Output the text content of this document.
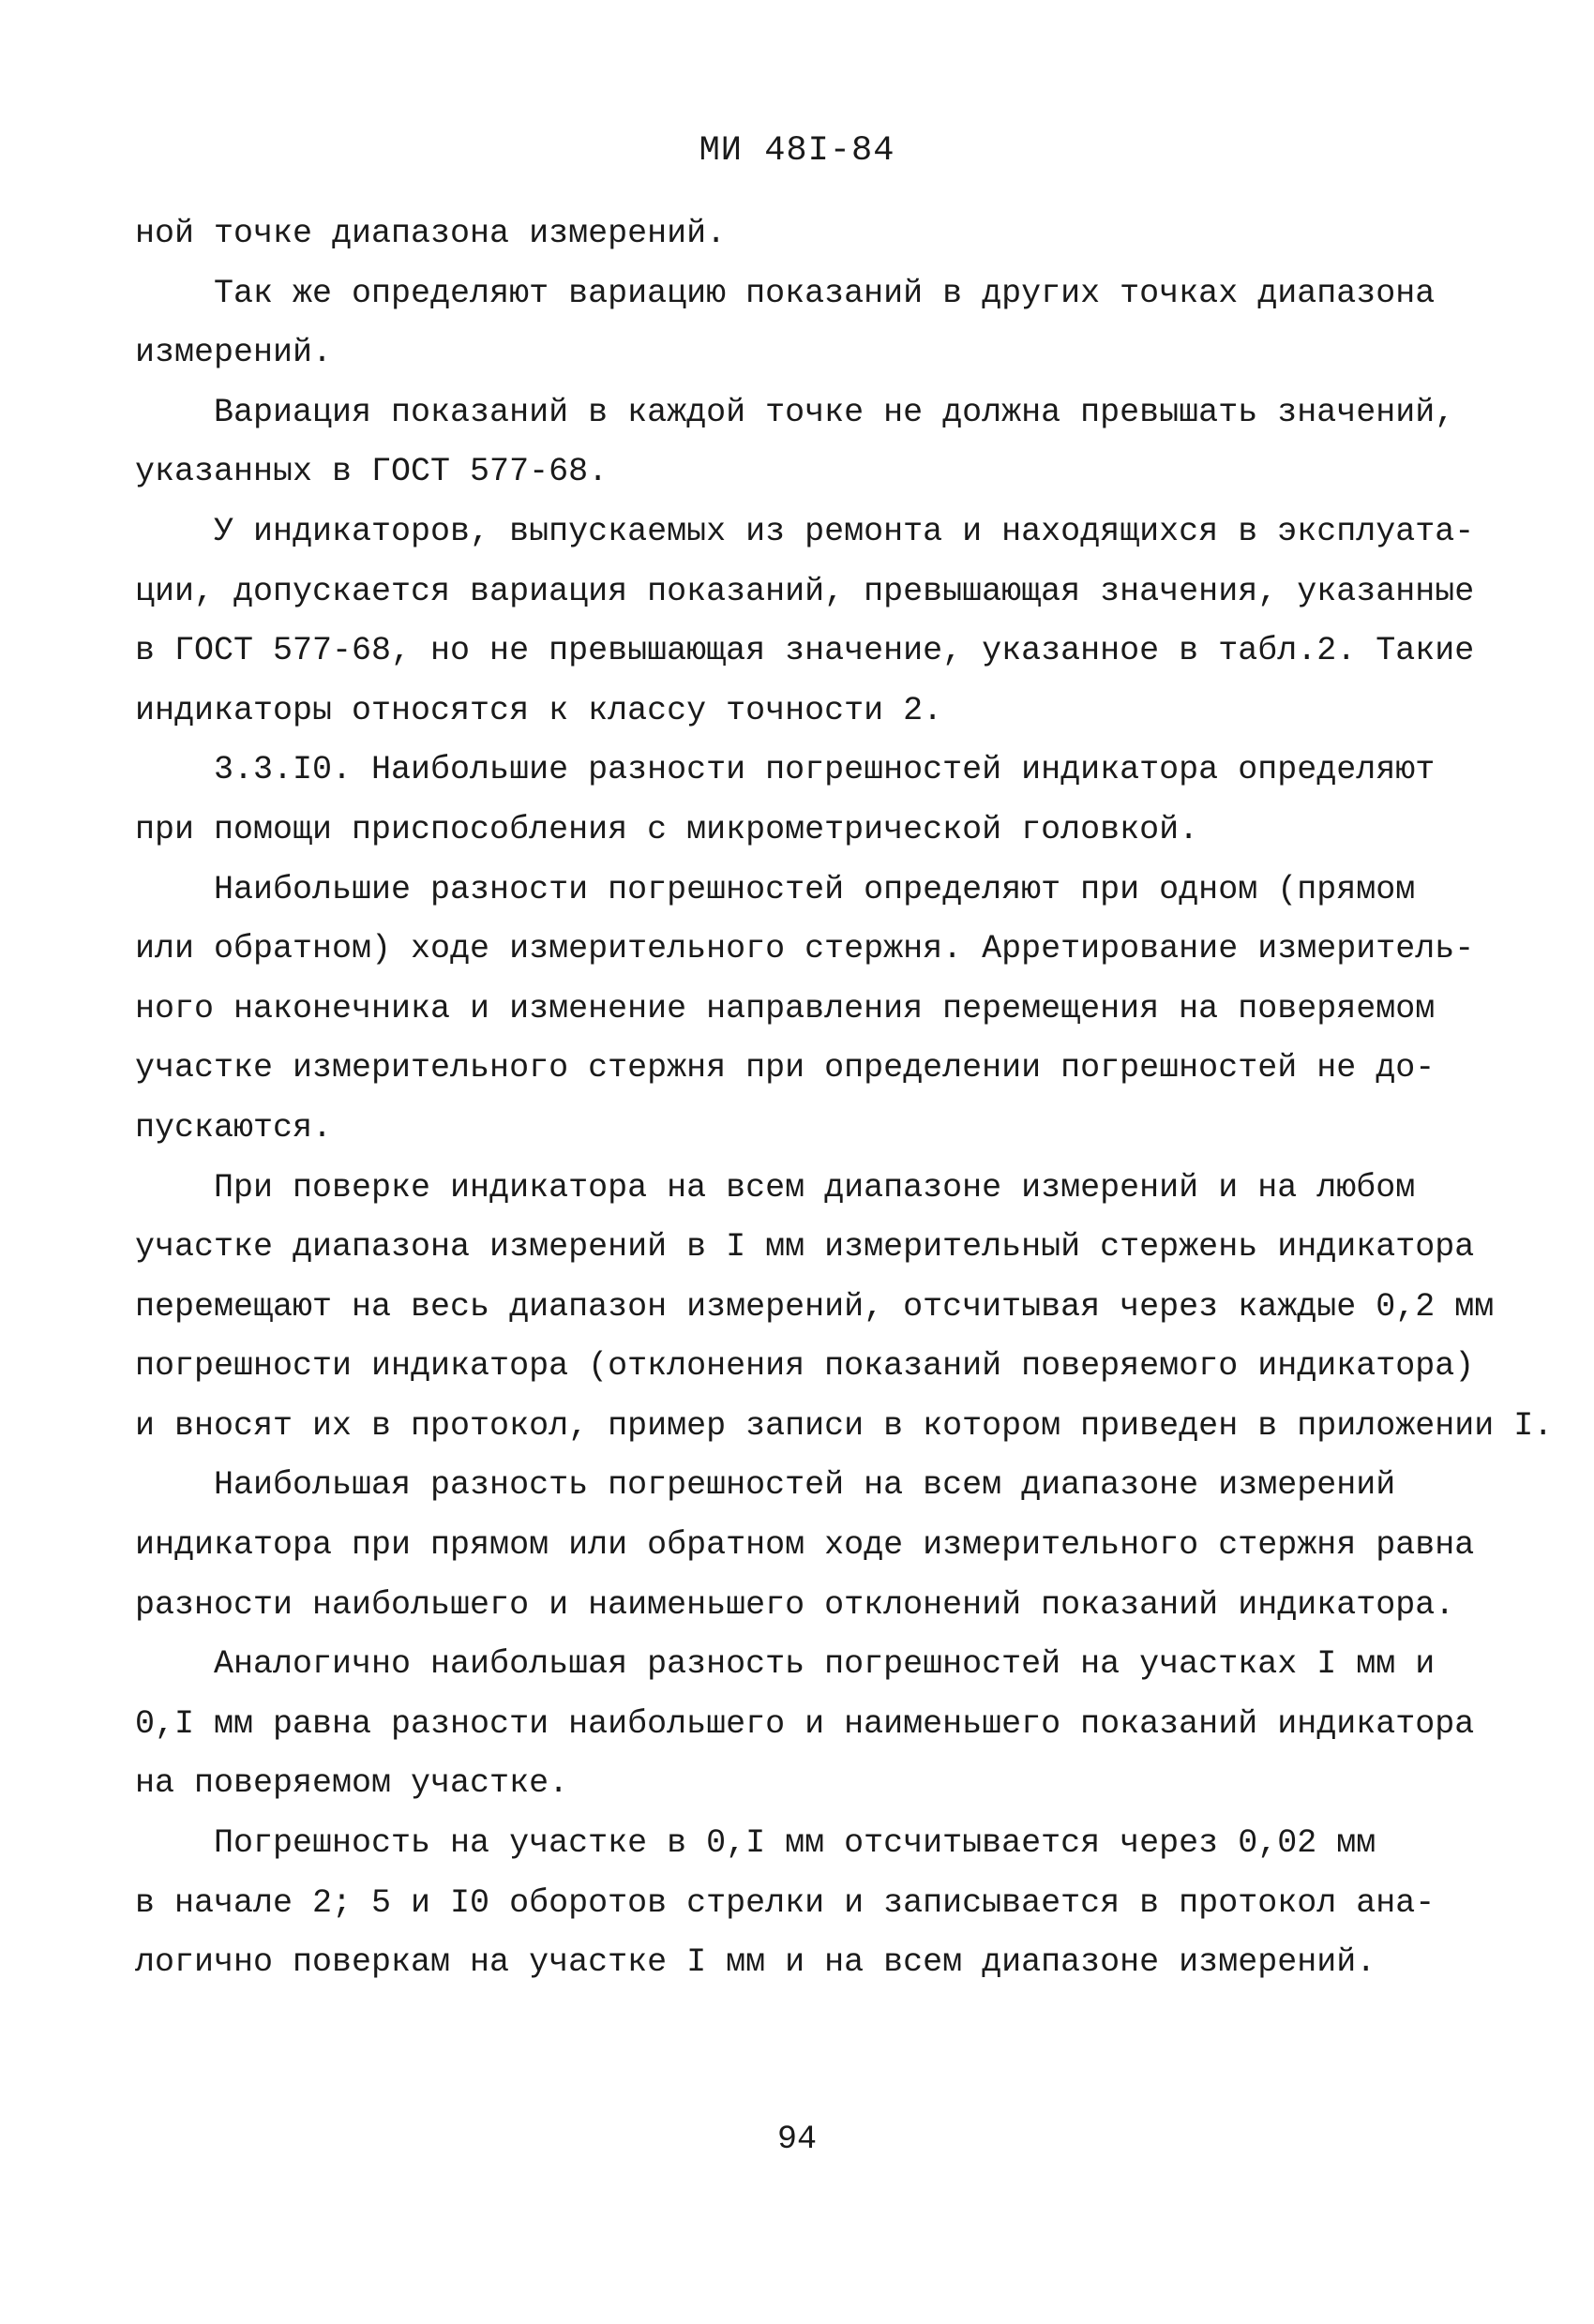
МИ 48I-84
ной точке диапазона измерений.
Так же определяют вариацию показаний в других точках диапазона
измерений.
Вариация показаний в каждой точке не должна превышать значений,
указанных в ГОСТ 577-68.
У индикаторов, выпускаемых из ремонта и находящихся в эксплуата-
ции, допускается вариация показаний, превышающая значения, указанные
в ГОСТ 577-68, но не превышающая значение, указанное в табл.2. Такие
индикаторы относятся к классу точности 2.
3.3.I0. Наибольшие разности погрешностей индикатора определяют
при помощи приспособления с микрометрической головкой.
Наибольшие разности погрешностей определяют при одном (прямом
или обратном) ходе измерительного стержня. Арретирование измеритель-
ного наконечника и изменение направления перемещения на поверяемом
участке измерительного стержня при определении погрешностей не до-
пускаются.
При поверке индикатора на всем диапазоне измерений и на любом
участке диапазона измерений в I мм измерительный стержень индикатора
перемещают на весь диапазон измерений, отсчитывая через каждые 0,2 мм
погрешности индикатора (отклонения показаний поверяемого индикатора)
и вносят их в протокол, пример записи в котором приведен в приложении I.
Наибольшая разность погрешностей на всем диапазоне измерений
индикатора при прямом или обратном ходе измерительного стержня равна
разности наибольшего и наименьшего отклонений показаний индикатора.
Аналогично наибольшая разность погрешностей на участках I мм и
0,I мм равна разности наибольшего и наименьшего показаний индикатора
на поверяемом участке.
Погрешность на участке в 0,I мм отсчитывается через 0,02 мм
в начале 2; 5 и I0 оборотов стрелки и записывается в протокол ана-
логично поверкам на участке I мм и на всем диапазоне измерений.
94
